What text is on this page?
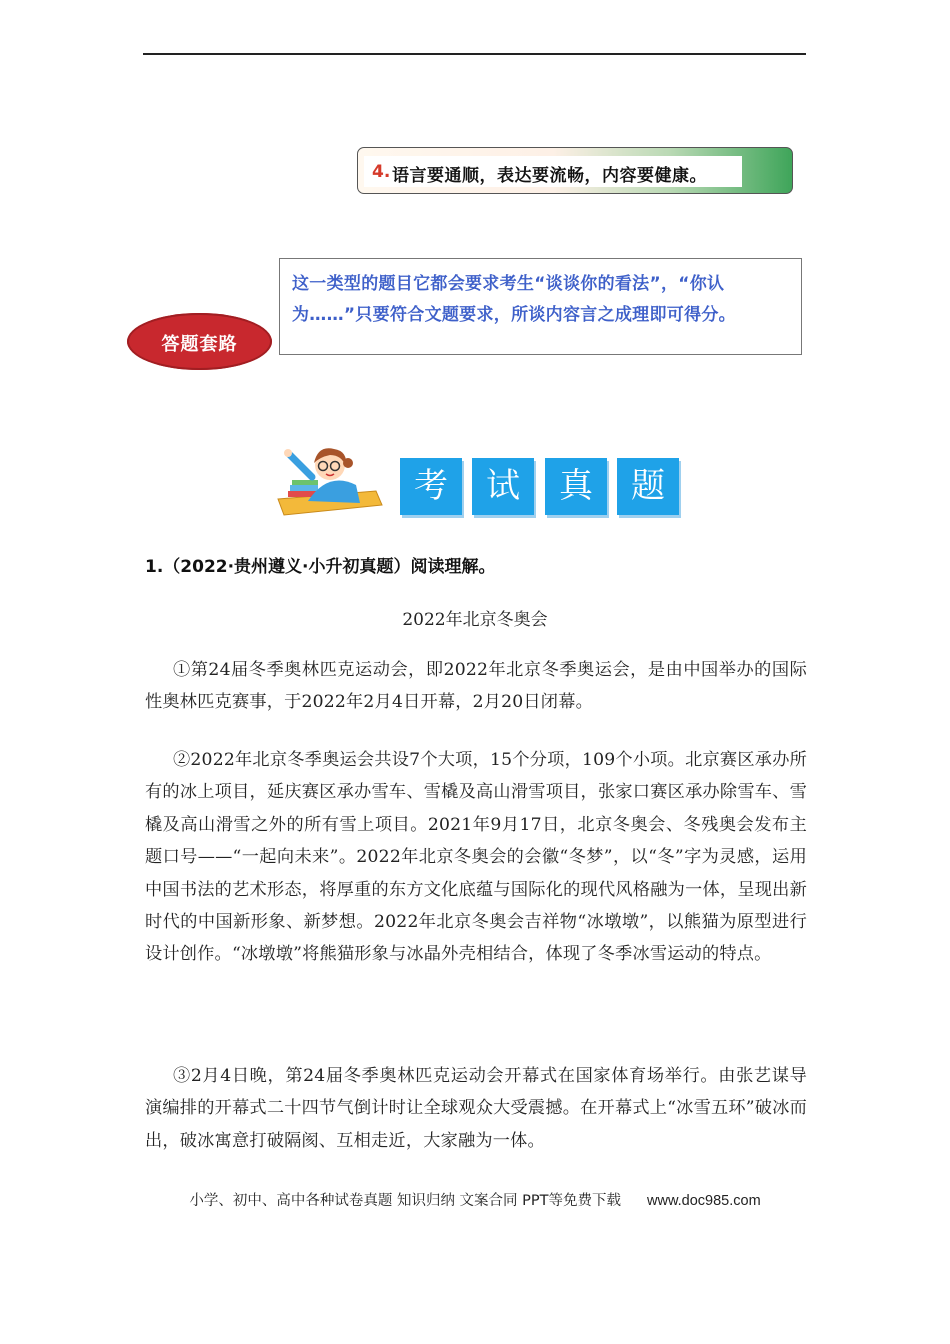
4. 语言要通顺，表达要流畅，内容要健康。
这一类型的题目它都会要求考生“谈谈你的看法”，“你认为……”只要符合文题要求，所谈内容言之成理即可得分。
答题套路
考	试	真	题
1.（2022·贵州遵义·小升初真题）阅读理解。
2022年北京冬奥会
①第24届冬季奥林匹克运动会，即2022年北京冬季奥运会，是由中国举办的国际性奥林匹克赛事，于2022年2月4日开幕，2月20日闭幕。
②2022年北京冬季奥运会共设7个大项，15个分项，109个小项。北京赛区承办所有的冰上项目，延庆赛区承办雪车、雪橇及高山滑雪项目，张家口赛区承办除雪车、雪橇及高山滑雪之外的所有雪上项目。2021年9月17日，北京冬奥会、冬残奥会发布主题口号——“一起向未来”。2022年北京冬奥会的会徽“冬梦”，以“冬”字为灵感，运用中国书法的艺术形态，将厚重的东方文化底蕴与国际化的现代风格融为一体，呈现出新时代的中国新形象、新梦想。2022年北京冬奥会吉祥物“冰墩墩”，以熊猫为原型进行设计创作。“冰墩墩”将熊猫形象与冰晶外壳相结合，体现了冬季冰雪运动的特点。
③2月4日晚，第24届冬季奥林匹克运动会开幕式在国家体育场举行。由张艺谋导演编排的开幕式二十四节气倒计时让全球观众大受震撼。在开幕式上“冰雪五环”破冰而出，破冰寓意打破隔阂、互相走近，大家融为一体。
小学、初中、高中各种试卷真题 知识归纳 文案合同 PPT等免费下载 www.doc985.com
